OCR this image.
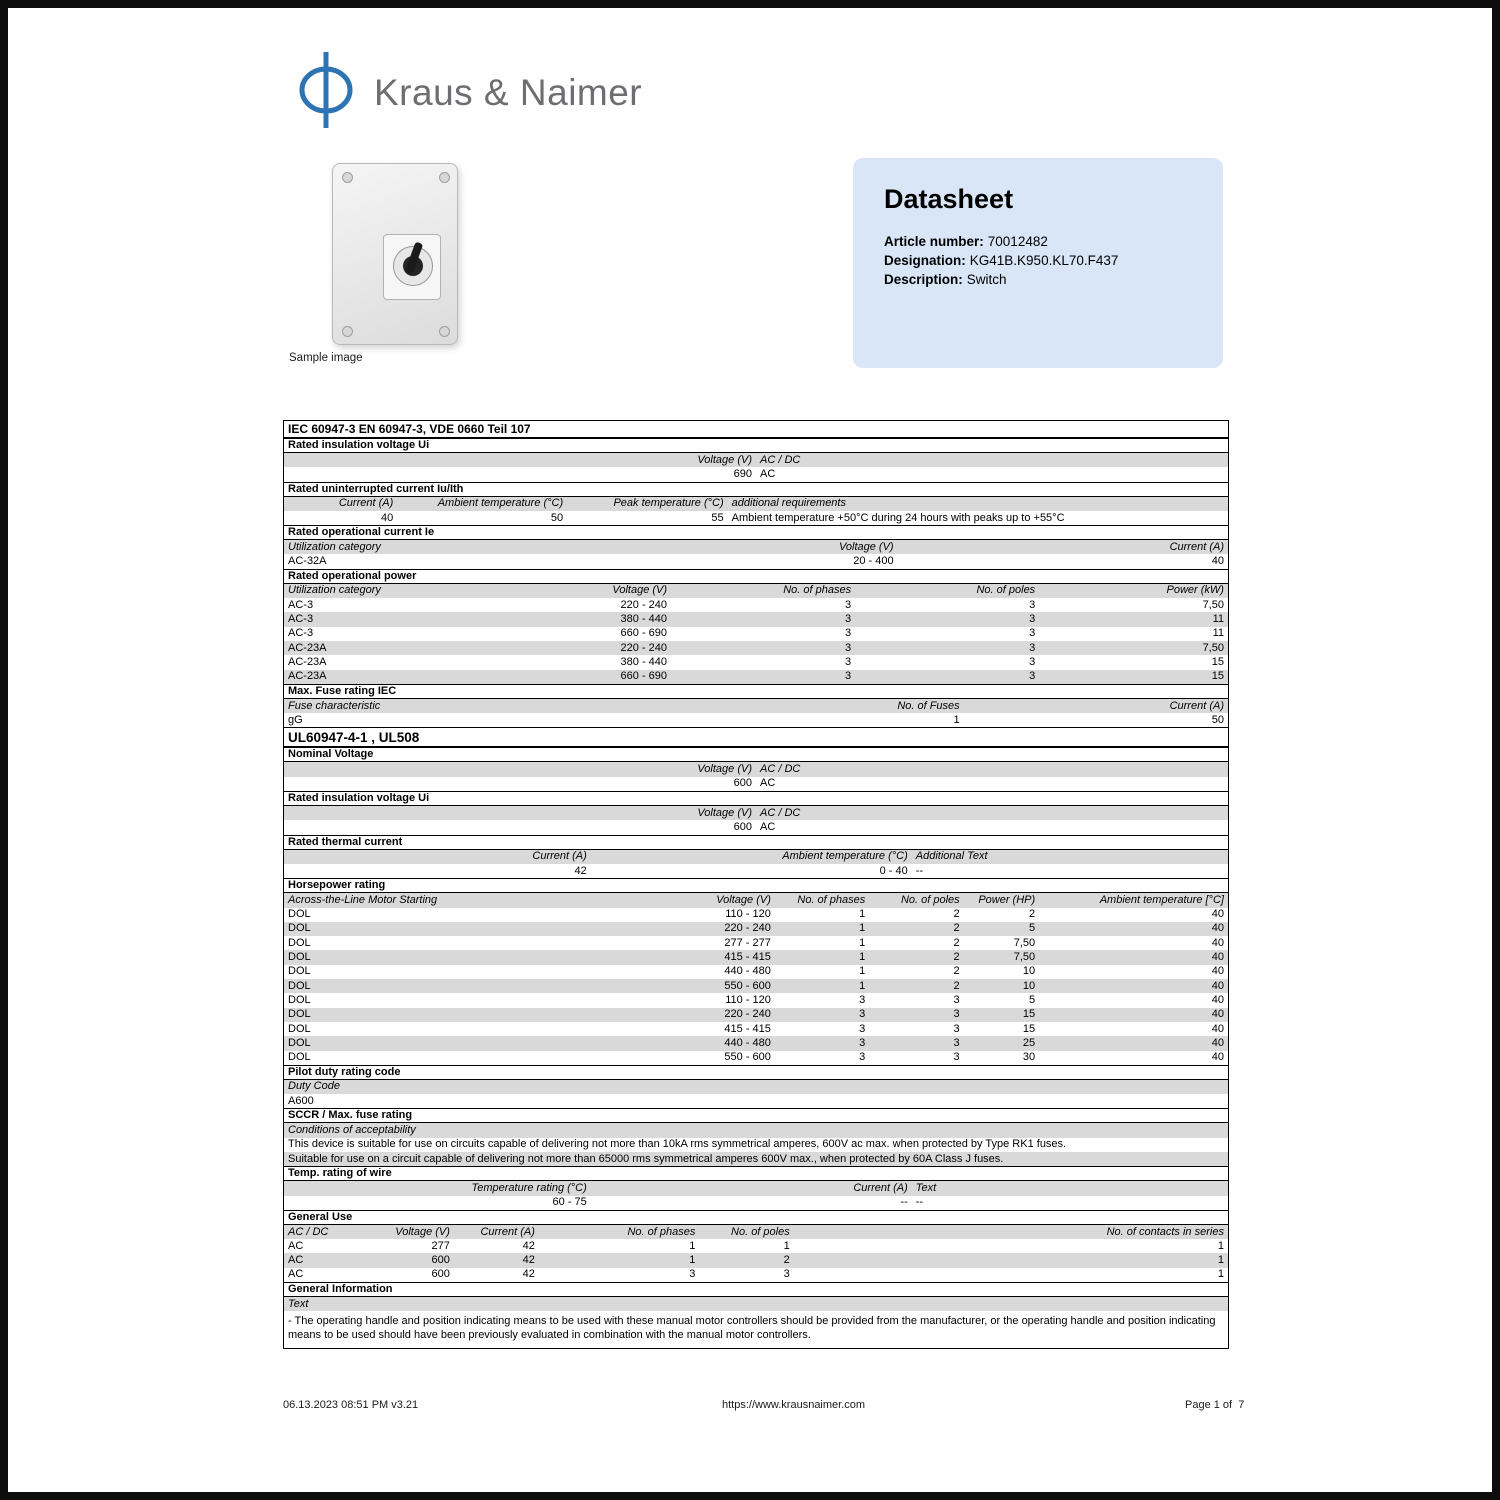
Kraus & Naimer
Sample image
Datasheet
Article number: 70012482
Designation: KG41B.K950.KL70.F437
Description: Switch
IEC 60947-3 EN 60947-3, VDE 0660 Teil 107
Rated insulation voltage Ui
Voltage (V) AC / DC
690 AC
Rated uninterrupted current Iu/Ith
Current (A)	Ambient temperature (°C)	Peak temperature (°C) additional requirements
40	50	55 Ambient temperature +50°C during 24 hours with peaks up to +55°C
Rated operational current Ie
Utilization category	Voltage (V)	Current (A)
AC-32A	20 - 400	40
Rated operational power
Utilization category	Voltage (V)	No. of phases	No. of poles	Power (kW)
AC-3	220 - 240	3	3	7,50
AC-3	380 - 440	3	3	11
AC-3	660 - 690	3	3	11
AC-23A	220 - 240	3	3	7,50
AC-23A	380 - 440	3	3	15
AC-23A	660 - 690	3	3	15
Max. Fuse rating IEC
Fuse characteristic	No. of Fuses	Current (A)
gG	1	50
UL60947-4-1 , UL508
Nominal Voltage
Voltage (V) AC / DC
600 AC
Rated insulation voltage Ui
Voltage (V) AC / DC
600 AC
Rated thermal current
Current (A)	Ambient temperature (°C) Additional Text
42	0 - 40 --
Horsepower rating
Across-the-Line Motor Starting	Voltage (V)	No. of phases	No. of poles	Power (HP)	Ambient temperature [°C]
DOL	110 - 120	1	2	2	40
DOL	220 - 240	1	2	5	40
DOL	277 - 277	1	2	7,50	40
DOL	415 - 415	1	2	7,50	40
DOL	440 - 480	1	2	10	40
DOL	550 - 600	1	2	10	40
DOL	110 - 120	3	3	5	40
DOL	220 - 240	3	3	15	40
DOL	415 - 415	3	3	15	40
DOL	440 - 480	3	3	25	40
DOL	550 - 600	3	3	30	40
Pilot duty rating code
Duty Code
A600
SCCR / Max. fuse rating
Conditions of acceptability
This device is suitable for use on circuits capable of delivering not more than 10kA rms symmetrical amperes, 600V ac max. when protected by Type RK1 fuses.
Suitable for use on a circuit capable of delivering not more than 65000 rms symmetrical amperes 600V max., when protected by 60A Class J fuses.
Temp. rating of wire
Temperature rating (°C)	Current (A) Text
60 - 75	-- --
General Use
AC / DC	Voltage (V)	Current (A)	No. of phases	No. of poles	No. of contacts in series
AC	277	42	1	1	1
AC	600	42	1	2	1
AC	600	42	3	3	1
General Information
Text
- The operating handle and position indicating means to be used with these manual motor controllers should be provided from the manufacturer, or the operating handle and position indicating means to be used should have been previously evaluated in combination with the manual motor controllers.
06.13.2023 08:51 PM v3.21	https://www.krausnaimer.com	Page 1 of  7
